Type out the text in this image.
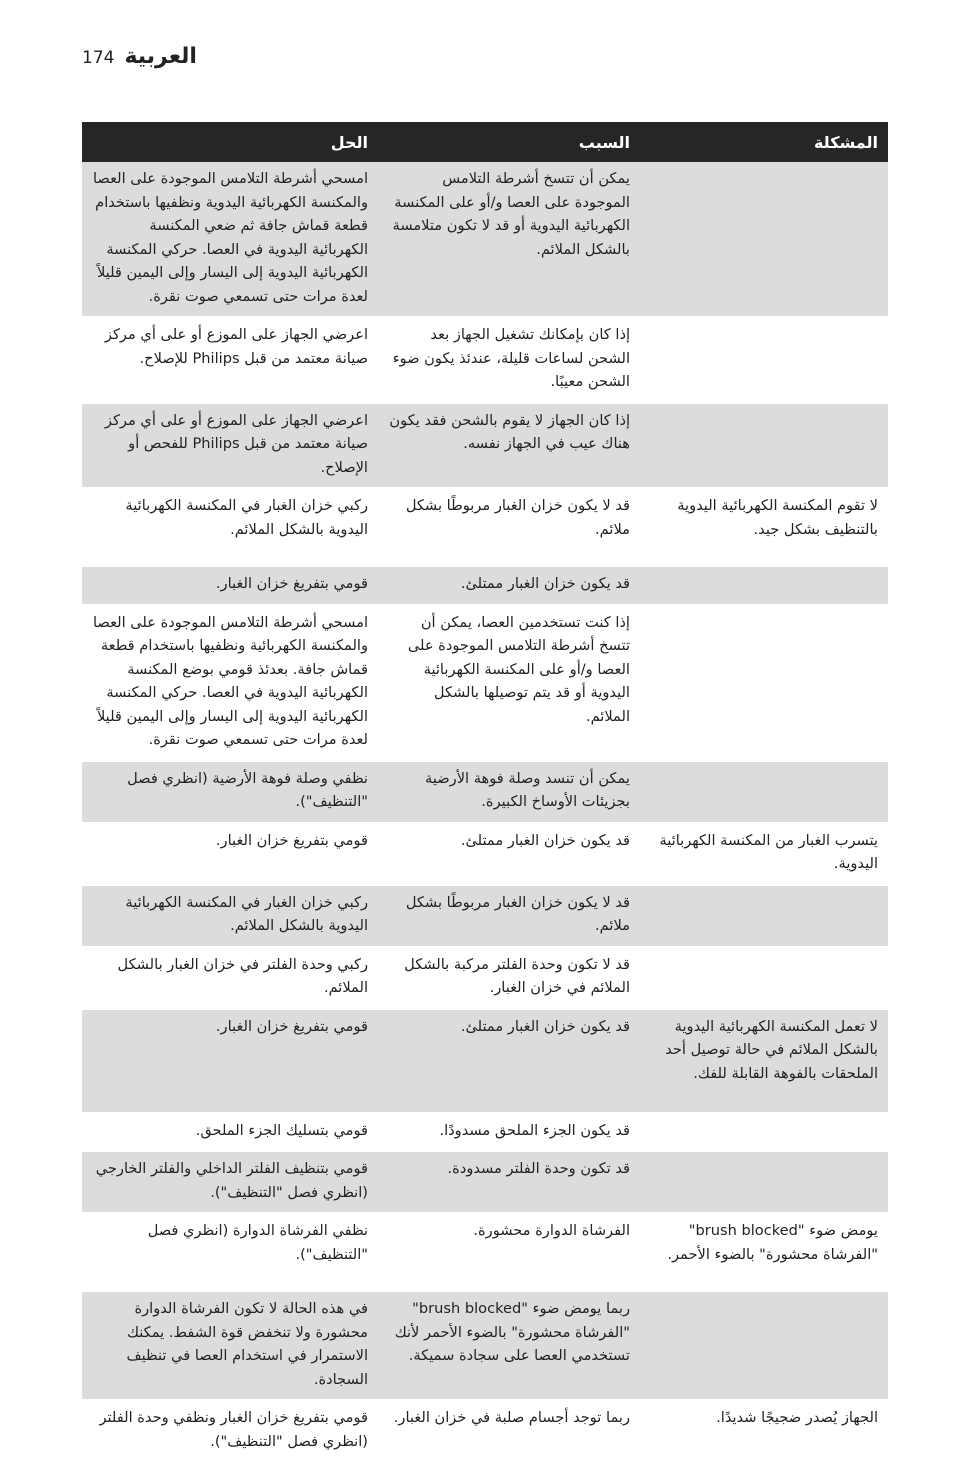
174 العربية
المشكلة	السبب	الحل
	يمكن أن تتسخ أشرطة التلامس الموجودة على العصا و/أو على المكنسة الكهربائية اليدوية أو قد لا تكون متلامسة بالشكل الملائم.	امسحي أشرطة التلامس الموجودة على العصا والمكنسة الكهربائية اليدوية ونظفيها باستخدام قطعة قماش جافة ثم ضعي المكنسة الكهربائية اليدوية في العصا. حركي المكنسة الكهربائية اليدوية إلى اليسار وإلى اليمين قليلاً لعدة مرات حتى تسمعي صوت نقرة.
	إذا كان بإمكانك تشغيل الجهاز بعد الشحن لساعات قليلة، عندئذ يكون ضوء الشحن معيبًا.	اعرضي الجهاز على الموزع أو على أي مركز صيانة معتمد من قبل Philips للإصلاح.
	إذا كان الجهاز لا يقوم بالشحن فقد يكون هناك عيب في الجهاز نفسه.	اعرضي الجهاز على الموزع أو على أي مركز صيانة معتمد من قبل Philips للفحص أو الإصلاح.
لا تقوم المكنسة الكهربائية اليدوية بالتنظيف بشكل جيد.	قد لا يكون خزان الغبار مربوطًا بشكل ملائم.	ركبي خزان الغبار في المكنسة الكهربائية اليدوية بالشكل الملائم.
	قد يكون خزان الغبار ممتلئ.	قومي بتفريغ خزان الغبار.
	إذا كنت تستخدمين العصا، يمكن أن تتسخ أشرطة التلامس الموجودة على العصا و/أو على المكنسة الكهربائية اليدوية أو قد يتم توصيلها بالشكل الملائم.	امسحي أشرطة التلامس الموجودة على العصا والمكنسة الكهربائية ونظفيها باستخدام قطعة قماش جافة. بعدئذ قومي بوضع المكنسة الكهربائية اليدوية في العصا. حركي المكنسة الكهربائية اليدوية إلى اليسار وإلى اليمين قليلاً لعدة مرات حتى تسمعي صوت نقرة.
	يمكن أن تنسد وصلة فوهة الأرضية بجزيئات الأوساخ الكبيرة.	نظفي وصلة فوهة الأرضية (انظري فصل "التنظيف").
يتسرب الغبار من المكنسة الكهربائية اليدوية.	قد يكون خزان الغبار ممتلئ.	قومي بتفريغ خزان الغبار.
	قد لا يكون خزان الغبار مربوطًا بشكل ملائم.	ركبي خزان الغبار في المكنسة الكهربائية اليدوية بالشكل الملائم.
	قد لا تكون وحدة الفلتر مركبة بالشكل الملائم في خزان الغبار.	ركبي وحدة الفلتر في خزان الغبار بالشكل الملائم.
لا تعمل المكنسة الكهربائية اليدوية بالشكل الملائم في حالة توصيل أحد الملحقات بالفوهة القابلة للفك.	قد يكون خزان الغبار ممتلئ.	قومي بتفريغ خزان الغبار.
	قد يكون الجزء الملحق مسدودًا.	قومي بتسليك الجزء الملحق.
	قد تكون وحدة الفلتر مسدودة.	قومي بتنظيف الفلتر الداخلي والفلتر الخارجي (انظري فصل "التنظيف").
يومض ضوء "brush blocked" "الفرشاة محشورة" بالضوء الأحمر.	الفرشاة الدوارة محشورة.	نظفي الفرشاة الدوارة (انظري فصل "التنظيف").
	ربما يومض ضوء "brush blocked" "الفرشاة محشورة" بالضوء الأحمر لأنك تستخدمي العصا على سجادة سميكة.	في هذه الحالة لا تكون الفرشاة الدوارة محشورة ولا تنخفض قوة الشفط. يمكنك الاستمرار في استخدام العصا في تنظيف السجادة.
الجهاز يُصدر ضجيجًا شديدًا.	ربما توجد أجسام صلبة في خزان الغبار.	قومي بتفريغ خزان الغبار ونظفي وحدة الفلتر (انظري فصل "التنظيف").
